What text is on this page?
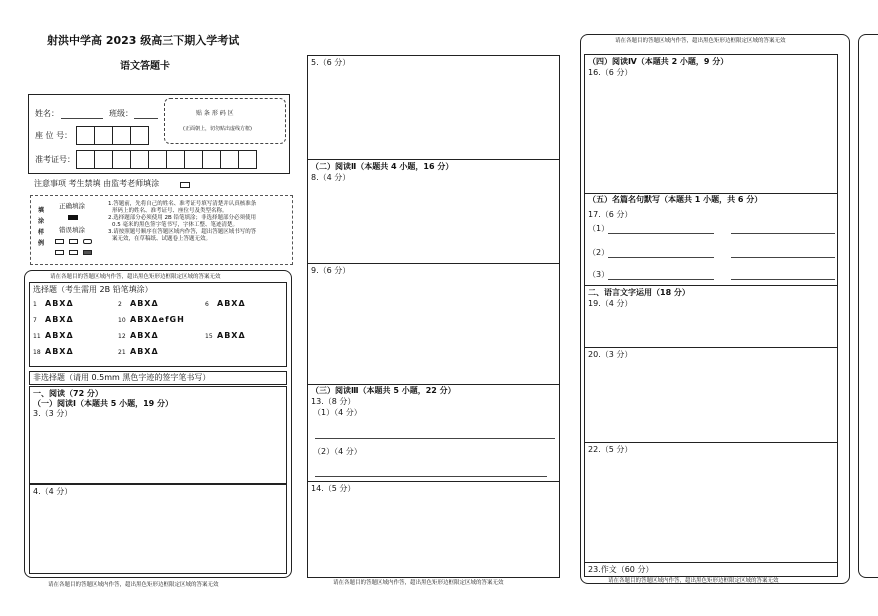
射洪中学高 2023 级高三下期入学考试
语文答题卡
姓名：	班级：	贴 条 形 码 区
(正面朝上，切勿贴出虚线方框)
座 位 号：
准考证号：
注意事项 考生禁填 由监考老师填涂
填
涂
样
例
正确填涂
错误填涂
1.答题前，先将自己的姓名、准考证号填写清楚并认真核准条
形码上的姓名、准考证号、座位号及类型名称。
2.选择题部分必须使用 2B 铅笔填涂；非选择题部分必须使用
0.5 毫米的黑色签字笔书写，字体工整、笔迹清楚。
3.请按照题号顺序在答题区域内作答，超出答题区域书写的答
案无效，在草稿纸、试题卷上答题无效。
请在各题目的答题区域内作答，超出黑色矩形边框限定区域的答案无效
选择题（考生需用 2B 铅笔填涂）
1 ABXΔ	2 ABXΔ	6 ABXΔ
7 ABXΔ	10 ABXΔefGH
11 ABXΔ	12 ABXΔ	15 ABXΔ
18 ABXΔ	21 ABXΔ
非选择题（请用 0.5mm 黑色字迹的签字笔书写）
一、阅读（72 分）
（一）阅读Ⅰ（本题共 5 小题，19 分）
3.（3 分）
4.（4 分）
请在各题目的答题区域内作答，超出黑色矩形边框限定区域的答案无效
5.（6 分）
（二）阅读Ⅱ（本题共 4 小题，16 分）
8.（4 分）
9.（6 分）
（三）阅读Ⅲ（本题共 5 小题，22 分）
13.（8 分）
（1）（4 分）
（2）（4 分）
14.（5 分）
请在各题目的答题区域内作答，超出黑色矩形边框限定区域的答案无效
请在各题目的答题区域内作答，超出黑色矩形边框限定区域的答案无效
（四）阅读Ⅳ（本题共 2 小题，9 分）
16.（6 分）
（五）名篇名句默写（本题共 1 小题，共 6 分）
17.（6 分）
（1）
（2）
（3）
二、语言文字运用（18 分）
19.（4 分）
20.（3 分）
22.（5 分）
23.作文（60 分）
请在各题目的答题区域内作答，超出黑色矩形边框限定区域的答案无效
